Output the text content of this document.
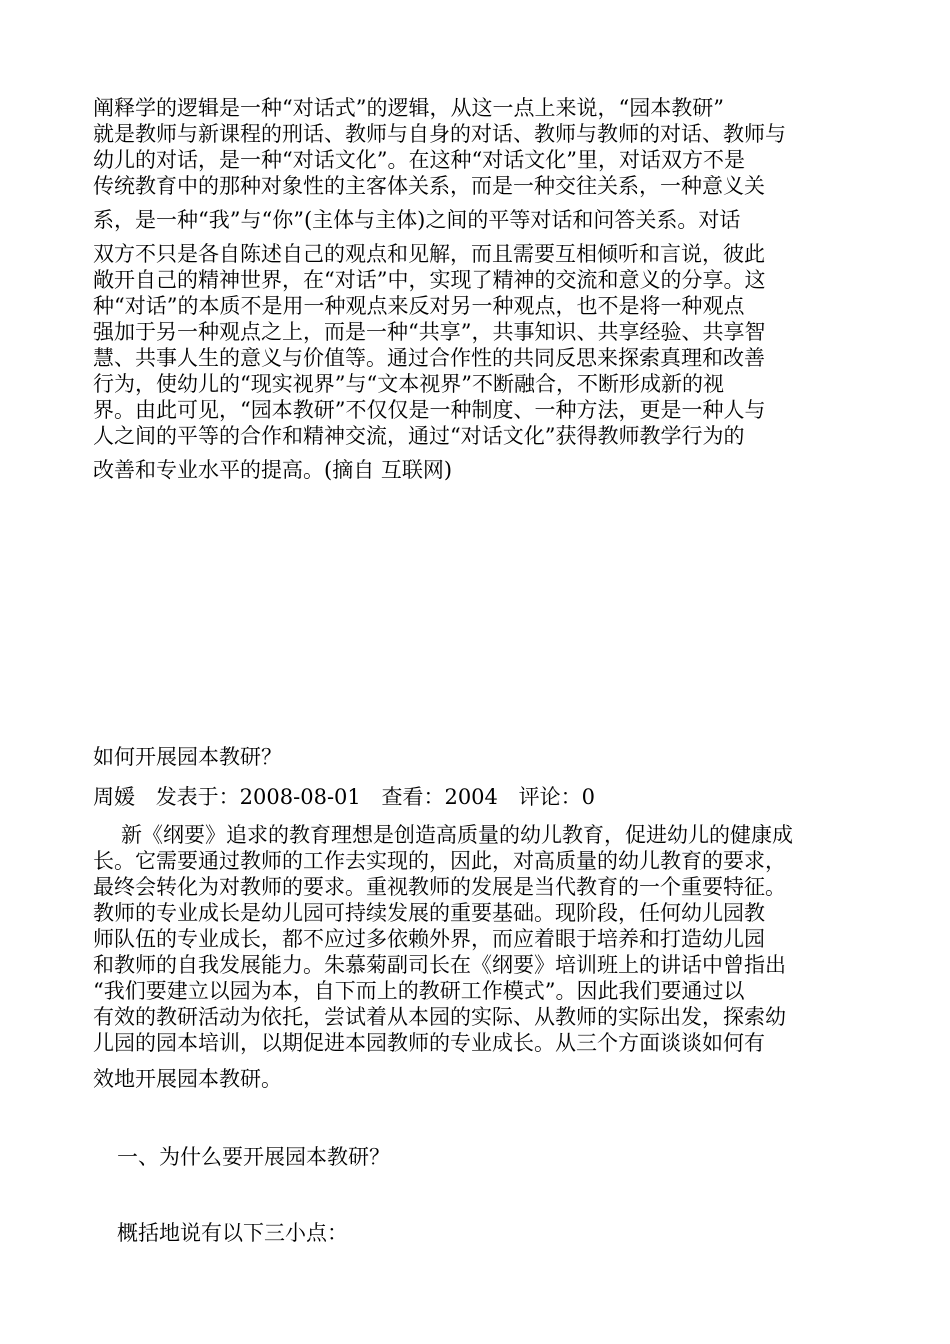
阐释学的逻辑是一种“对话式”的逻辑，从这一点上来说，“园本教研”
就是教师与新课程的刑话、教师与自身的对话、教师与教师的对话、教师与
幼儿的对话，是一种“对话文化”。在这种“对话文化”里，对话双方不是
传统教育中的那种对象性的主客体关系，而是一种交往关系，一种意义关
系，是一种“我”与“你”(主体与主体)之间的平等对话和问答关系。对话
双方不只是各自陈述自己的观点和见解，而且需要互相倾听和言说，彼此
敞开自己的精神世界，在“对话”中，实现了精神的交流和意义的分享。这
种“对话”的本质不是用一种观点来反对另一种观点，也不是将一种观点
强加于另一种观点之上，而是一种“共享”，共事知识、共享经验、共享智
慧、共事人生的意义与价值等。通过合作性的共同反思来探索真理和改善
行为，使幼儿的“现实视界”与“文本视界”不断融合，不断形成新的视
界。由此可见，“园本教研”不仅仅是一种制度、一种方法，更是一种人与
人之间的平等的合作和精神交流，通过“对话文化”获得教师教学行为的
改善和专业水平的提高。(摘自 互联网)
如何开展园本教研？
周媛 发表于：2008-08-01 查看：2004 评论：0
新《纲要》追求的教育理想是创造高质量的幼儿教育，促进幼儿的健康成
长。它需要通过教师的工作去实现的，因此，对高质量的幼儿教育的要求，
最终会转化为对教师的要求。重视教师的发展是当代教育的一个重要特征。
教师的专业成长是幼儿园可持续发展的重要基础。现阶段，任何幼儿园教
师队伍的专业成长，都不应过多依赖外界，而应着眼于培养和打造幼儿园
和教师的自我发展能力。朱慕菊副司长在《纲要》培训班上的讲话中曾指出
“我们要建立以园为本，自下而上的教研工作模式”。因此我们要通过以
有效的教研活动为依托，尝试着从本园的实际、从教师的实际出发，探索幼
儿园的园本培训，以期促进本园教师的专业成长。从三个方面谈谈如何有
效地开展园本教研。
一、为什么要开展园本教研？
概括地说有以下三小点：
